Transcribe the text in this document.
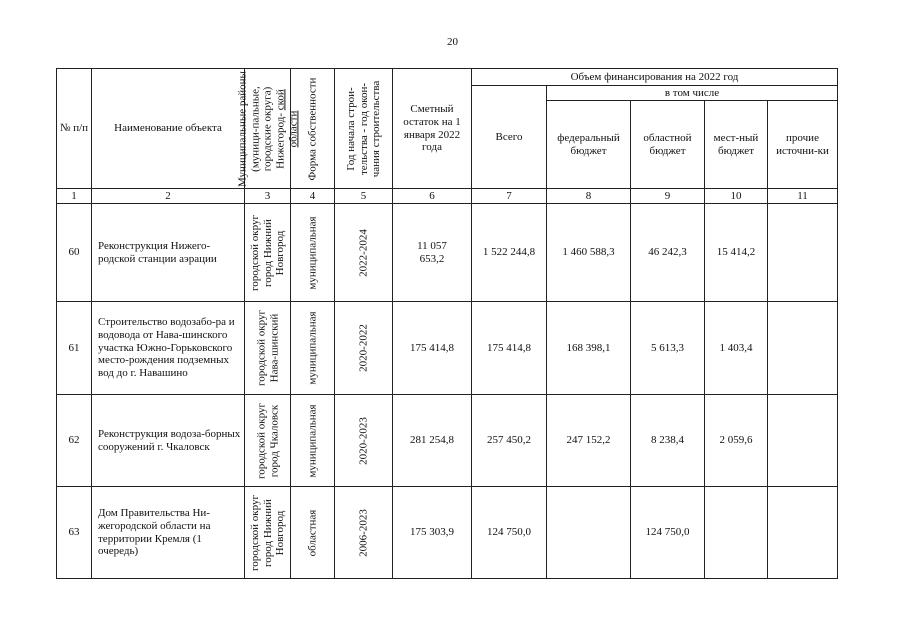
20
№ п/п	Наименование объекта	Муниципальные районы (муници-пальные, городские округа) Нижегород- ской области	Форма собственности	Год начала строи-тельства - год окон-чания строительства	Сметный остаток на 1 января 2022 года	Объем финансирования на 2022 год				
						Всего	в том числе			
							федеральный бюджет	областной бюджет	мест-ный бюджет	прочие источни-ки
1	2	3	4	5	6	7	8	9	10	11
60	Реконструкция Нижего-родской станции аэрации	городской округ город Нижний Новгород	муниципальная	2022-2024	11 057 653,2	1 522 244,8	1 460 588,3	46 242,3	15 414,2	
61	Строительство водозабо-ра и водовода от Нава-шинского участка Южно-Горьковского место-рождения подземных вод до г. Навашино	городской округ Нава-шинский	муниципальная	2020-2022	175 414,8	175 414,8	168 398,1	5 613,3	1 403,4	
62	Реконструкция водоза-борных сооружений г. Чкаловск	городской округ город Чкаловск	муниципальная	2020-2023	281 254,8	257 450,2	247 152,2	8 238,4	2 059,6	
63	Дом Правительства Ни-жегородской области на территории Кремля (1 очередь)	городской округ город Нижний Новгород	областная	2006-2023	175 303,9	124 750,0		124 750,0		
